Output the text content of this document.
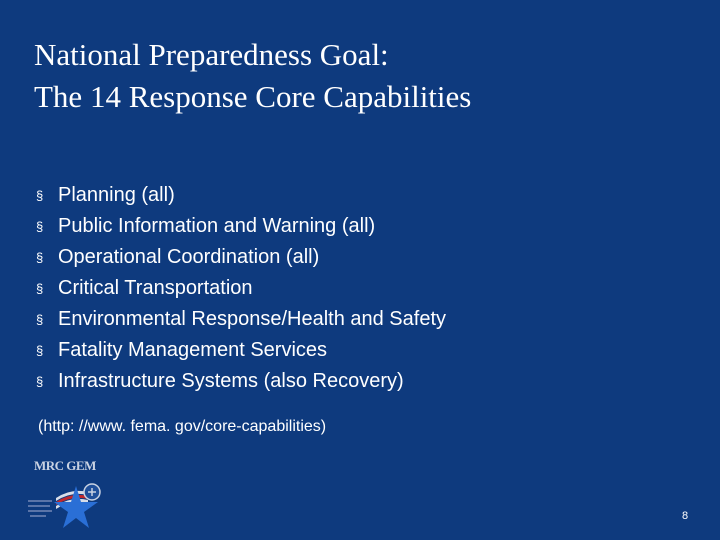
National Preparedness Goal:
The 14 Response Core Capabilities
§ Planning (all)
§ Public Information and Warning (all)
§ Operational Coordination (all)
§ Critical Transportation
§ Environmental Response/Health and Safety
§ Fatality Management Services
§ Infrastructure Systems (also Recovery)
(http: //www. fema. gov/core-capabilities)
MRC GEM
8
